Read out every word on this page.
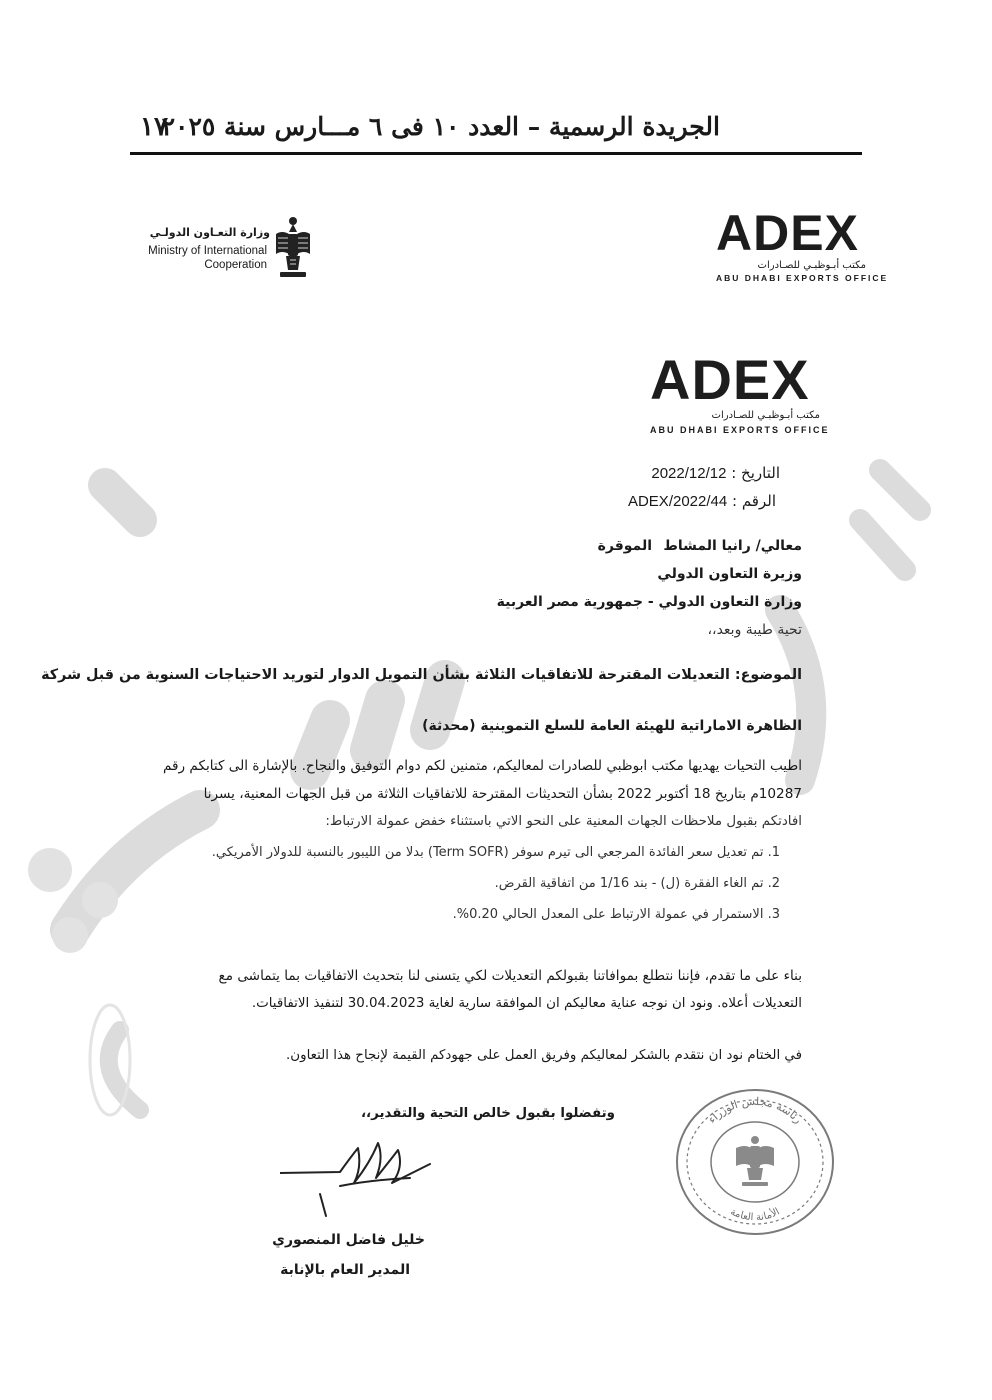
الجريدة الرسمية – العدد ١٠ فى ٦ مـــارس سنة ٢٠٢٥
١٧
وزارة التعـاون الدولـي
Ministry of International
Cooperation
ADEX
مكتب أبـوظبـي للصـادرات
ABU DHABI EXPORTS OFFICE
ADEX
مكتب أبـوظبـي للصـادرات
ABU DHABI EXPORTS OFFICE
التاريخ : 2022/12/12
الرقم : ADEX/2022/44
معالي/ رانيا المشاط
الموقرة
وزيرة التعاون الدولي
وزارة التعاون الدولي - جمهورية مصر العربية
تحية طيبة وبعد،،
الموضوع: التعديلات المقترحة للاتفاقيات الثلاثة بشأن التمويل الدوار لتوريد الاحتياجات السنوية من قبل شركة
الظاهرة الاماراتية للهيئة العامة للسلع التموينية (محدثة)
اطيب التحيات يهديها مكتب ابوظبي للصادرات لمعاليكم، متمنين لكم دوام التوفيق والنجاح. بالإشارة الى كتابكم رقم
10287م بتاريخ 18 أكتوبر 2022 بشأن التحديثات المقترحة للاتفاقيات الثلاثة من قبل الجهات المعنية، يسرنا
افادتكم بقبول ملاحظات الجهات المعنية على النحو الاتي باستثناء خفض عمولة الارتباط:
1. تم تعديل سعر الفائدة المرجعي الى تيرم سوفر (Term SOFR) بدلا من الليبور بالنسبة للدولار الأمريكي.
2. تم الغاء الفقرة (ل) - بند 1/16 من اتفاقية القرض.
3. الاستمرار في عمولة الارتباط على المعدل الحالي 0.20%.
بناء على ما تقدم، فإننا نتطلع بموافاتنا بقبولكم التعديلات لكي يتسنى لنا بتحديث الاتفاقيات بما يتماشى مع
التعديلات أعلاه. ونود ان نوجه عناية معاليكم ان الموافقة سارية لغاية 30.04.2023 لتنفيذ الاتفاقيات.
في الختام نود ان نتقدم بالشكر لمعاليكم وفريق العمل على جهودكم القيمة لإنجاح هذا التعاون.
وتفضلوا بقبول خالص التحية والتقدير،،
خليل فاضل المنصوري
المدير العام بالإنابة
رئاسة مجلس الوزراء
الأمانة العامة
